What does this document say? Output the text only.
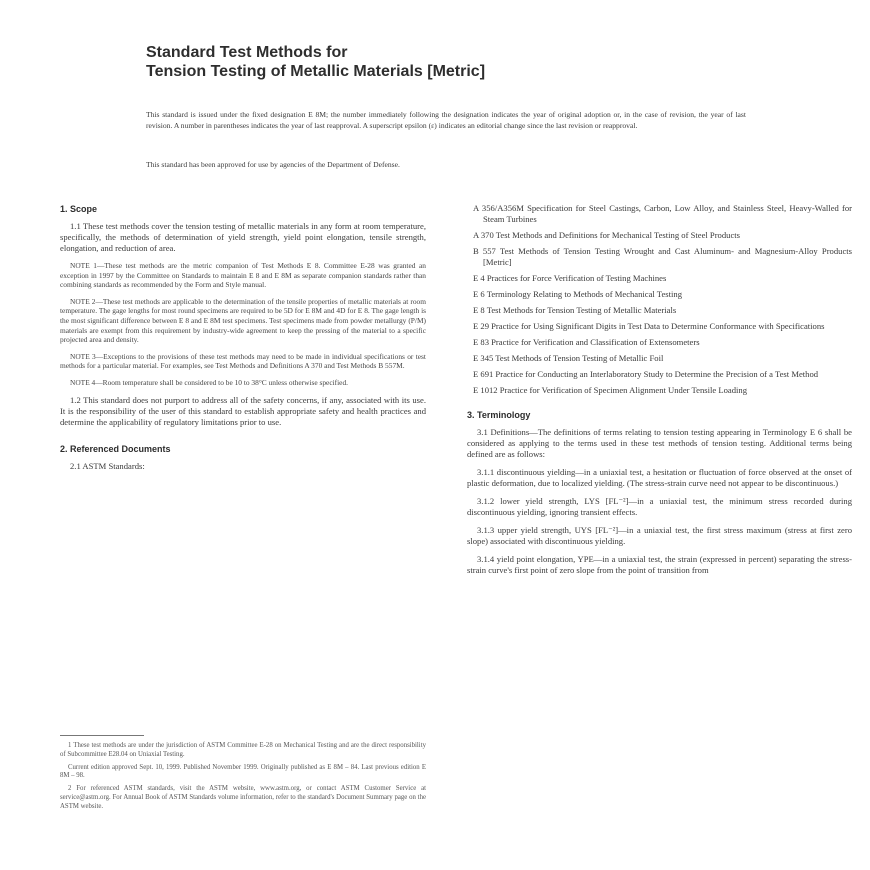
Standard Test Methods for
Tension Testing of Metallic Materials [Metric]
This standard is issued under the fixed designation E 8M; the number immediately following the designation indicates the year of original adoption or, in the case of revision, the year of last revision. A number in parentheses indicates the year of last reapproval. A superscript epsilon (ε) indicates an editorial change since the last revision or reapproval.
This standard has been approved for use by agencies of the Department of Defense.
1. Scope

1.1 These test methods cover the tension testing of metallic materials in any form at room temperature, specifically, the methods of determination of yield strength, yield point elongation, tensile strength, elongation, and reduction of area.

NOTE 1—These test methods are the metric companion of Test Methods E 8. Committee E-28 was granted an exception in 1997 by the Committee on Standards to maintain E 8 and E 8M as separate companion standards rather than combining standards as recommended by the Form and Style manual.

NOTE 2—These test methods are applicable to the determination of the tensile properties of metallic materials at room temperature. The gage lengths for most round specimens are required to be 5D for E 8M and 4D for E 8. The gage length is the most significant difference between E 8 and E 8M test specimens. Test specimens made from powder metallurgy (P/M) materials are exempt from this requirement by industry-wide agreement to keep the pressing of the material to a specific projected area and density.

NOTE 3—Exceptions to the provisions of these test methods may need to be made in individual specifications or test methods for a particular material. For examples, see Test Methods and Definitions A 370 and Test Methods B 557M.

NOTE 4—Room temperature shall be considered to be 10 to 38°C unless otherwise specified.

1.2 This standard does not purport to address all of the safety concerns, if any, associated with its use. It is the responsibility of the user of this standard to establish appropriate safety and health practices and determine the applicability of regulatory limitations prior to use.

2. Referenced Documents

2.1 ASTM Standards:

1 These test methods are under the jurisdiction of ASTM Committee E-28 on Mechanical Testing and are the direct responsibility of Subcommittee E28.04 on Uniaxial Testing.

Current edition approved Sept. 10, 1999. Published November 1999. Originally published as E 8M – 84. Last previous edition E 8M – 98.

2 For referenced ASTM standards, visit the ASTM website, www.astm.org, or contact ASTM Customer Service at service@astm.org. For Annual Book of ASTM Standards volume information, refer to the standard's Document Summary page on the ASTM website.

A 356/A356M Specification for Steel Castings, Carbon, Low Alloy, and Stainless Steel, Heavy-Walled for Steam Turbines
A 370 Test Methods and Definitions for Mechanical Testing of Steel Products
B 557 Test Methods of Tension Testing Wrought and Cast Aluminum- and Magnesium-Alloy Products [Metric]
E 4 Practices for Force Verification of Testing Machines
E 6 Terminology Relating to Methods of Mechanical Testing
E 8 Test Methods for Tension Testing of Metallic Materials
E 29 Practice for Using Significant Digits in Test Data to Determine Conformance with Specifications
E 83 Practice for Verification and Classification of Extensometers
E 345 Test Methods of Tension Testing of Metallic Foil
E 691 Practice for Conducting an Interlaboratory Study to Determine the Precision of a Test Method
E 1012 Practice for Verification of Specimen Alignment Under Tensile Loading
3. Terminology

3.1 Definitions—The definitions of terms relating to tension testing appearing in Terminology E 6 shall be considered as applying to the terms used in these test methods of tension testing. Additional terms being defined are as follows:

3.1.1 discontinuous yielding—in a uniaxial test, a hesitation or fluctuation of force observed at the onset of plastic deformation, due to localized yielding. (The stress-strain curve need not appear to be discontinuous.)

3.1.2 lower yield strength, LYS [FL⁻²]—in a uniaxial test, the minimum stress recorded during discontinuous yielding, ignoring transient effects.

3.1.3 upper yield strength, UYS [FL⁻²]—in a uniaxial test, the first stress maximum (stress at first zero slope) associated with discontinuous yielding.

3.1.4 yield point elongation, YPE—in a uniaxial test, the strain (expressed in percent) separating the stress-strain curve's first point of zero slope from the point of transition from
